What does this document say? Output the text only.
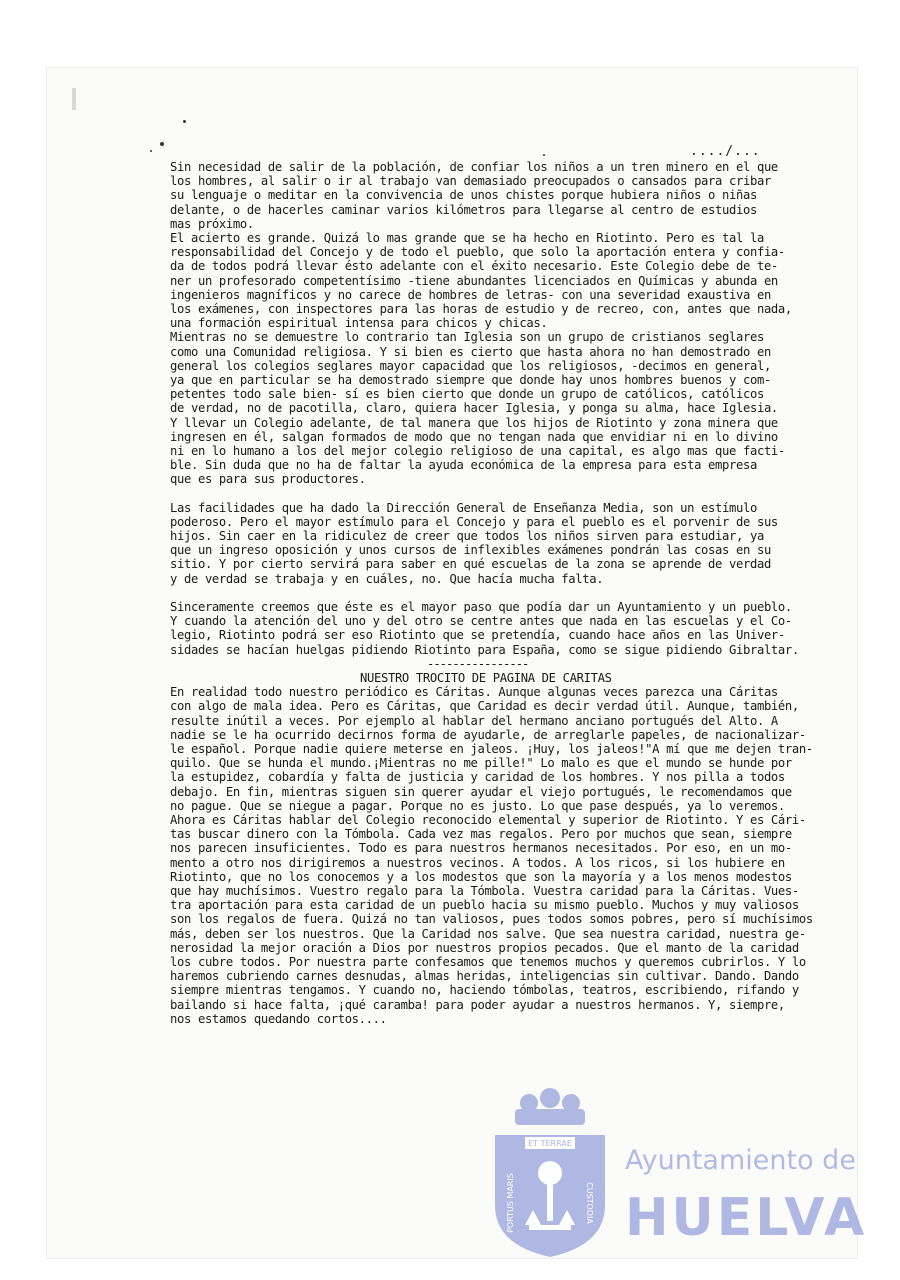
..../...
Sin necesidad de salir de la población, de confiar los niños a un tren minero en el que
los hombres, al salir o ir al trabajo van demasiado preocupados o cansados para cribar
su lenguaje o meditar en la convivencia de unos chistes porque hubiera niños o niñas
delante, o de hacerles caminar varios kilómetros para llegarse al centro de estudios
mas próximo.
El acierto es grande. Quizá lo mas grande que se ha hecho en Riotinto. Pero es tal la
responsabilidad del Concejo y de todo el pueblo, que solo la aportación entera y confia-
da de todos podrá llevar ésto adelante con el éxito necesario. Este Colegio debe de te-
ner un profesorado competentísimo -tiene abundantes licenciados en Químicas y abunda en
ingenieros magníficos y no carece de hombres de letras- con una severidad exaustiva en
los exámenes, con inspectores para las horas de estudio y de recreo, con, antes que nada,
una formación espiritual intensa para chicos y chicas.
Mientras no se demuestre lo contrario tan Iglesia son un grupo de cristianos seglares
como una Comunidad religiosa. Y si bien es cierto que hasta ahora no han demostrado en
general los colegios seglares mayor capacidad que los religiosos, -decimos en general,
ya que en particular se ha demostrado siempre que donde hay unos hombres buenos y com-
petentes todo sale bien- sí es bien cierto que donde un grupo de católicos, católicos
de verdad, no de pacotilla, claro, quiera hacer Iglesia, y ponga su alma, hace Iglesia.
Y llevar un Colegio adelante, de tal manera que los hijos de Riotinto y zona minera que
ingresen en él, salgan formados de modo que no tengan nada que envidiar ni en lo divino
ni en lo humano a los del mejor colegio religioso de una capital, es algo mas que facti-
ble. Sin duda que no ha de faltar la ayuda económica de la empresa para esta empresa
que es para sus productores.
Las facilidades que ha dado la Dirección General de Enseñanza Media, son un estímulo
poderoso. Pero el mayor estímulo para el Concejo y para el pueblo es el porvenir de sus
hijos. Sin caer en la ridiculez de creer que todos los niños sirven para estudiar, ya
que un ingreso oposición y unos cursos de inflexibles exámenes pondrán las cosas en su
sitio. Y por cierto servirá para saber en qué escuelas de la zona se aprende de verdad
y de verdad se trabaja y en cuáles, no. Que hacía mucha falta.
Sinceramente creemos que éste es el mayor paso que podía dar un Ayuntamiento y un pueblo.
Y cuando la atención del uno y del otro se centre antes que nada en las escuelas y el Co-
legio, Riotinto podrá ser eso Riotinto que se pretendía, cuando hace años en las Univer-
sidades se hacían huelgas pidiendo Riotinto para España, como se sigue pidiendo Gibraltar.
----------------
NUESTRO TROCITO DE PAGINA DE CARITAS
En realidad todo nuestro periódico es Cáritas. Aunque algunas veces parezca una Cáritas
con algo de mala idea. Pero es Cáritas, que Caridad es decir verdad útil. Aunque, también,
resulte inútil a veces. Por ejemplo al hablar del hermano anciano portugués del Alto. A
nadie se le ha ocurrido decirnos forma de ayudarle, de arreglarle papeles, de nacionalizar-
le español. Porque nadie quiere meterse en jaleos. ¡Huy, los jaleos!"A mí que me dejen tran-
quilo. Que se hunda el mundo.¡Mientras no me pille!" Lo malo es que el mundo se hunde por
la estupidez, cobardía y falta de justicia y caridad de los hombres. Y nos pilla a todos
debajo. En fin, mientras siguen sin querer ayudar el viejo portugués, le recomendamos que
no pague. Que se niegue a pagar. Porque no es justo. Lo que pase después, ya lo veremos.
Ahora es Cáritas hablar del Colegio reconocido elemental y superior de Riotinto. Y es Cári-
tas buscar dinero con la Tómbola. Cada vez mas regalos. Pero por muchos que sean, siempre
nos parecen insuficientes. Todo es para nuestros hermanos necesitados. Por eso, en un mo-
mento a otro nos dirigiremos a nuestros vecinos. A todos. A los ricos, si los hubiere en
Riotinto, que no los conocemos y a los modestos que son la mayoría y a los menos modestos
que hay muchísimos. Vuestro regalo para la Tómbola. Vuestra caridad para la Cáritas. Vues-
tra aportación para esta caridad de un pueblo hacia su mismo pueblo. Muchos y muy valiosos
son los regalos de fuera. Quizá no tan valiosos, pues todos somos pobres, pero sí muchísimos
más, deben ser los nuestros. Que la Caridad nos salve. Que sea nuestra caridad, nuestra ge-
nerosidad la mejor oración a Dios por nuestros propios pecados. Que el manto de la caridad
los cubre todos. Por nuestra parte confesamos que tenemos muchos y queremos cubrirlos. Y lo
haremos cubriendo carnes desnudas, almas heridas, inteligencias sin cultivar. Dando. Dando
siempre mientras tengamos. Y cuando no, haciendo tómbolas, teatros, escribiendo, rifando y
bailando si hace falta, ¡qué caramba! para poder ayudar a nuestros hermanos. Y, siempre,
nos estamos quedando cortos....
ET TERRAE
PORTUS MARIS	CUSTODIA
Ayuntamiento de
HUELVA
